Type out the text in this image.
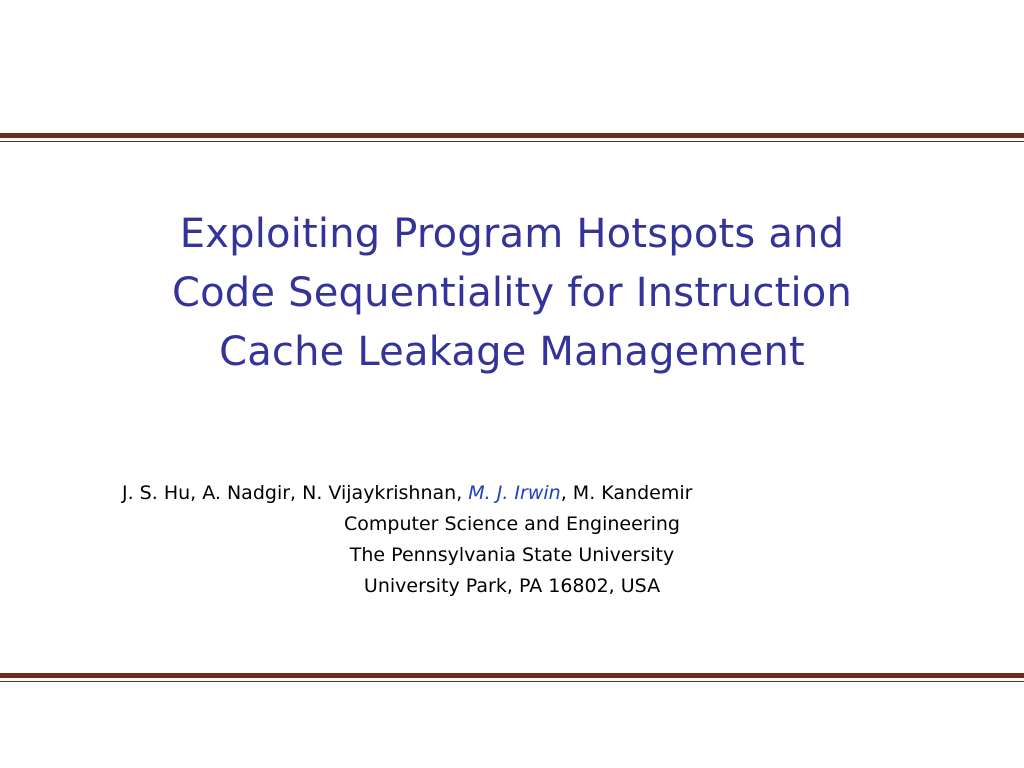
Exploiting Program Hotspots and
Code Sequentiality for Instruction
Cache Leakage Management
J. S. Hu, A. Nadgir, N. Vijaykrishnan, M. J. Irwin, M. Kandemir
Computer Science and Engineering
The Pennsylvania State University
University Park, PA 16802, USA
